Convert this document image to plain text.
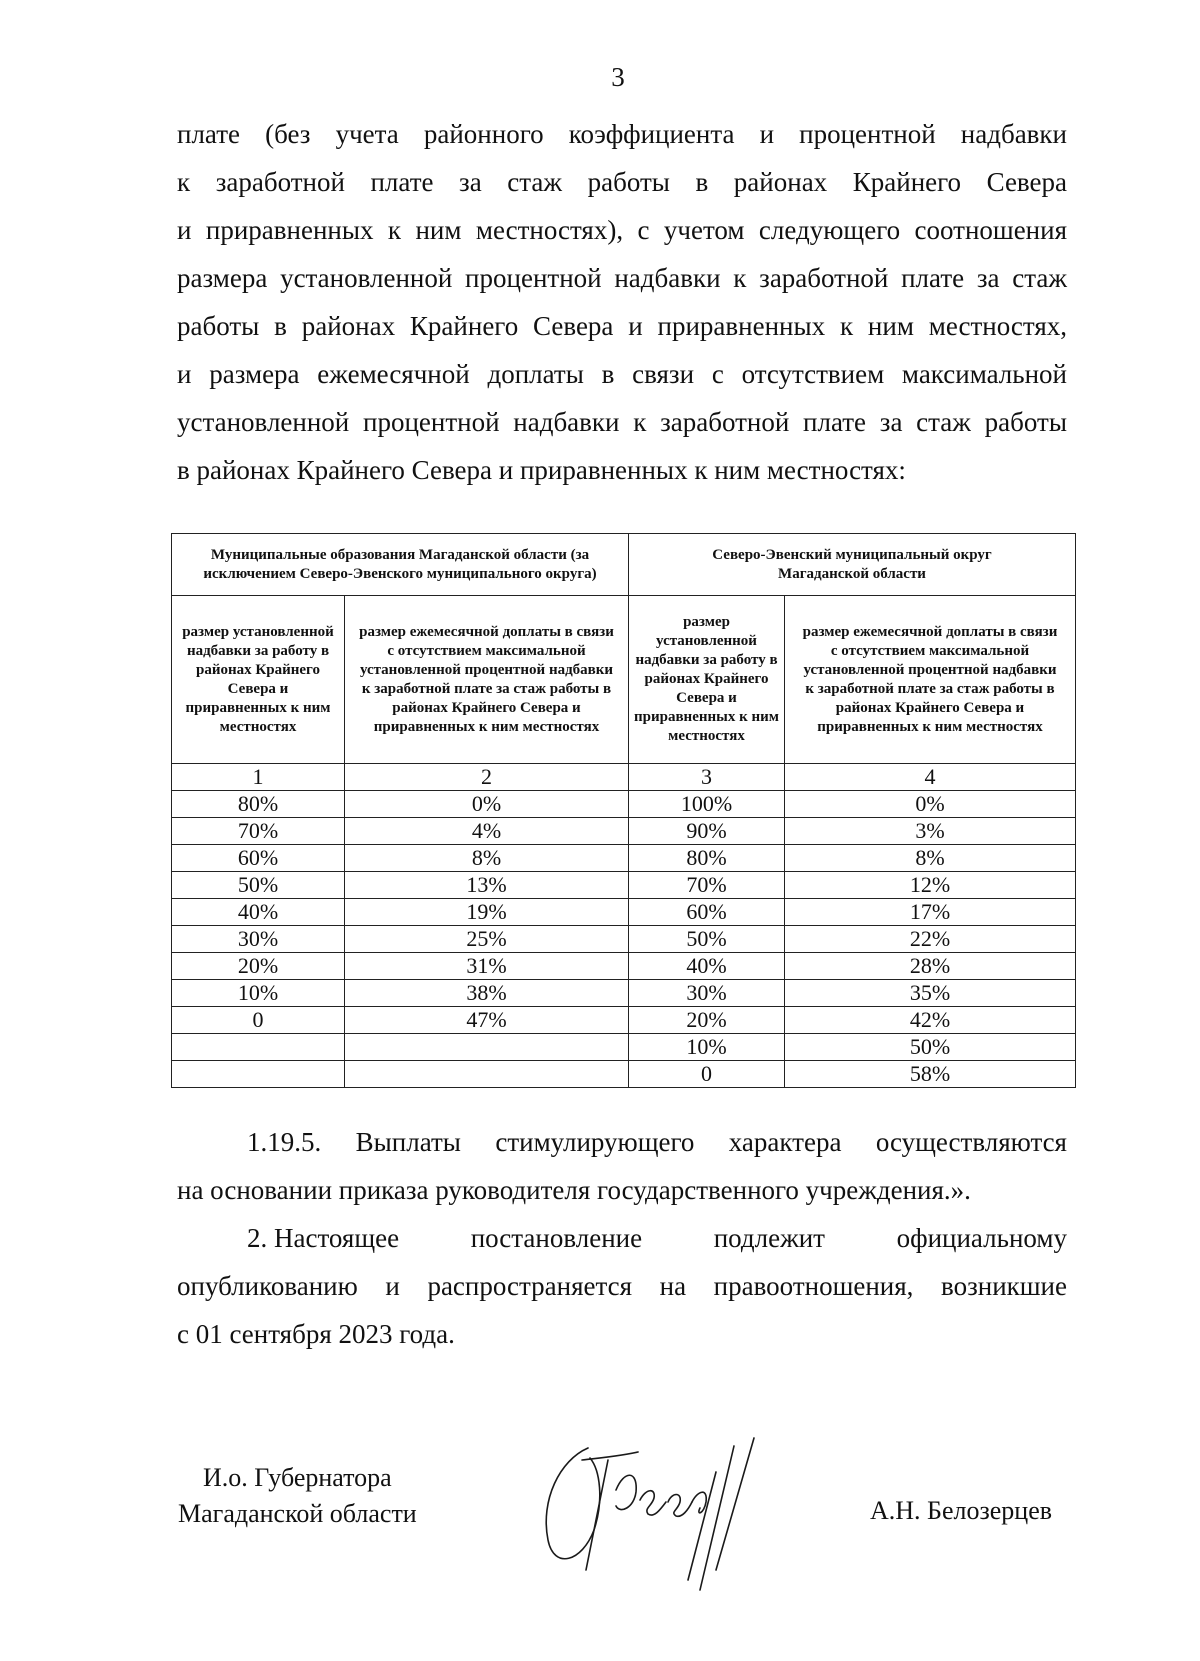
3
плате (без учета районного коэффициента и процентной надбавки
к заработной плате за стаж работы в районах Крайнего Севера
и приравненных к ним местностях), с учетом следующего соотношения
размера установленной процентной надбавки к заработной плате за стаж
работы в районах Крайнего Севера и приравненных к ним местностях,
и размера ежемесячной доплаты в связи с отсутствием максимальной
установленной процентной надбавки к заработной плате за стаж работы
в районах Крайнего Севера и приравненных к ним местностях:
Муниципальные образования Магаданской области (за исключением Северо-Эвенского муниципального округа)		Северо-Эвенский муниципальный округ Магаданской области	
размер установленной надбавки за работу в районах Крайнего Севера и приравненных к ним местностях	размер ежемесячной доплаты в связи с отсутствием максимальной установленной процентной надбавки к заработной плате за стаж работы в районах Крайнего Севера и приравненных к ним местностях	размер установленной надбавки за работу в районах Крайнего Севера и приравненных к ним местностях	размер ежемесячной доплаты в связи с отсутствием максимальной установленной процентной надбавки к заработной плате за стаж работы в районах Крайнего Севера и приравненных к ним местностях
1	2	3	4
80%	0%	100%	0%
70%	4%	90%	3%
60%	8%	80%	8%
50%	13%	70%	12%
40%	19%	60%	17%
30%	25%	50%	22%
20%	31%	40%	28%
10%	38%	30%	35%
0	47%	20%	42%
		10%	50%
		0	58%
1.19.5. Выплаты стимулирующего характера осуществляются
на основании приказа руководителя государственного учреждения.».
2. Настоящее	постановление	подлежит	официальному
опубликованию и распространяется на правоотношения, возникшие
с 01 сентября 2023 года.
И.о. Губернатора
Магаданской области	А.Н. Белозерцев
